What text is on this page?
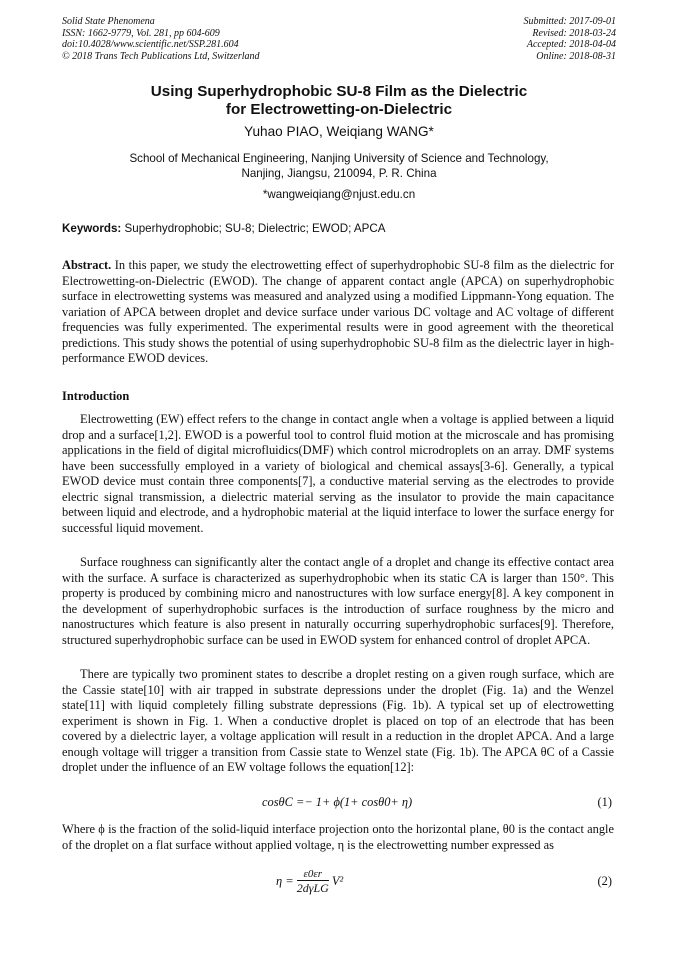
Solid State Phenomena
ISSN: 1662-9779, Vol. 281, pp 604-609
doi:10.4028/www.scientific.net/SSP.281.604
© 2018 Trans Tech Publications Ltd, Switzerland
Submitted: 2017-09-01
Revised: 2018-03-24
Accepted: 2018-04-04
Online: 2018-08-31
Using Superhydrophobic SU-8 Film as the Dielectric
for Electrowetting-on-Dielectric
Yuhao PIAO, Weiqiang WANG*
School of Mechanical Engineering, Nanjing University of Science and Technology,
Nanjing, Jiangsu, 210094, P. R. China
*wangweiqiang@njust.edu.cn
Keywords: Superhydrophobic; SU-8; Dielectric; EWOD; APCA

Abstract. In this paper, we study the electrowetting effect of superhydrophobic SU-8 film as the dielectric for Electrowetting-on-Dielectric (EWOD). The change of apparent contact angle (APCA) on superhydrophobic surface in electrowetting systems was measured and analyzed using a modified Lippmann-Yong equation. The variation of APCA between droplet and device surface under various DC voltage and AC voltage of different frequencies was fully experimented. The experimental results were in good agreement with the theoretical predictions. This study shows the potential of using superhydrophobic SU-8 film as the dielectric layer in high-performance EWOD devices.

Introduction

Electrowetting (EW) effect refers to the change in contact angle when a voltage is applied between a liquid drop and a surface[1,2]. EWOD is a powerful tool to control fluid motion at the microscale and has promising applications in the field of digital microfluidics(DMF) which control microdroplets on an array. DMF systems have been successfully employed in a variety of biological and chemical assays[3-6]. Generally, a typical EWOD device must contain three components[7], a conductive material serving as the electrodes to provide electric signal transmission, a dielectric material serving as the insulator to provide the main capacitance between liquid and electrode, and a hydrophobic material at the liquid interface to lower the surface energy for successful liquid movement.

Surface roughness can significantly alter the contact angle of a droplet and change its effective contact area with the surface. A surface is characterized as superhydrophobic when its static CA is larger than 150°. This property is produced by combining micro and nanostructures with low surface energy[8]. A key component in the development of superhydrophobic surfaces is the introduction of surface roughness by the micro and nanostructures which feature is also present in naturally occurring superhydrophobic surfaces[9]. Therefore, structured superhydrophobic surface can be used in EWOD system for enhanced control of droplet APCA.

There are typically two prominent states to describe a droplet resting on a given rough surface, which are the Cassie state[10] with air trapped in substrate depressions under the droplet (Fig. 1a) and the Wenzel state[11] with liquid completely filling substrate depressions (Fig. 1b). A typical set up of electrowetting experiment is shown in Fig. 1. When a conductive droplet is placed on top of an electrode that has been covered by a dielectric layer, a voltage application will result in a reduction in the droplet APCA. And a large enough voltage will trigger a transition from Cassie state to Wenzel state (Fig. 1b). The APCA θC of a Cassie droplet under the influence of an EW voltage follows the equation[12]:

cosθC =− 1+ ϕ(1+ cosθ0+ η)	(1)

Where ϕ is the fraction of the solid-liquid interface projection onto the horizontal plane, θ0 is the contact angle of the droplet on a flat surface without applied voltage, η is the electrowetting number expressed as

$\eta = \frac{\varepsilon 0\varepsilon r}{\text{2dγLG}} V^2$	(2)
